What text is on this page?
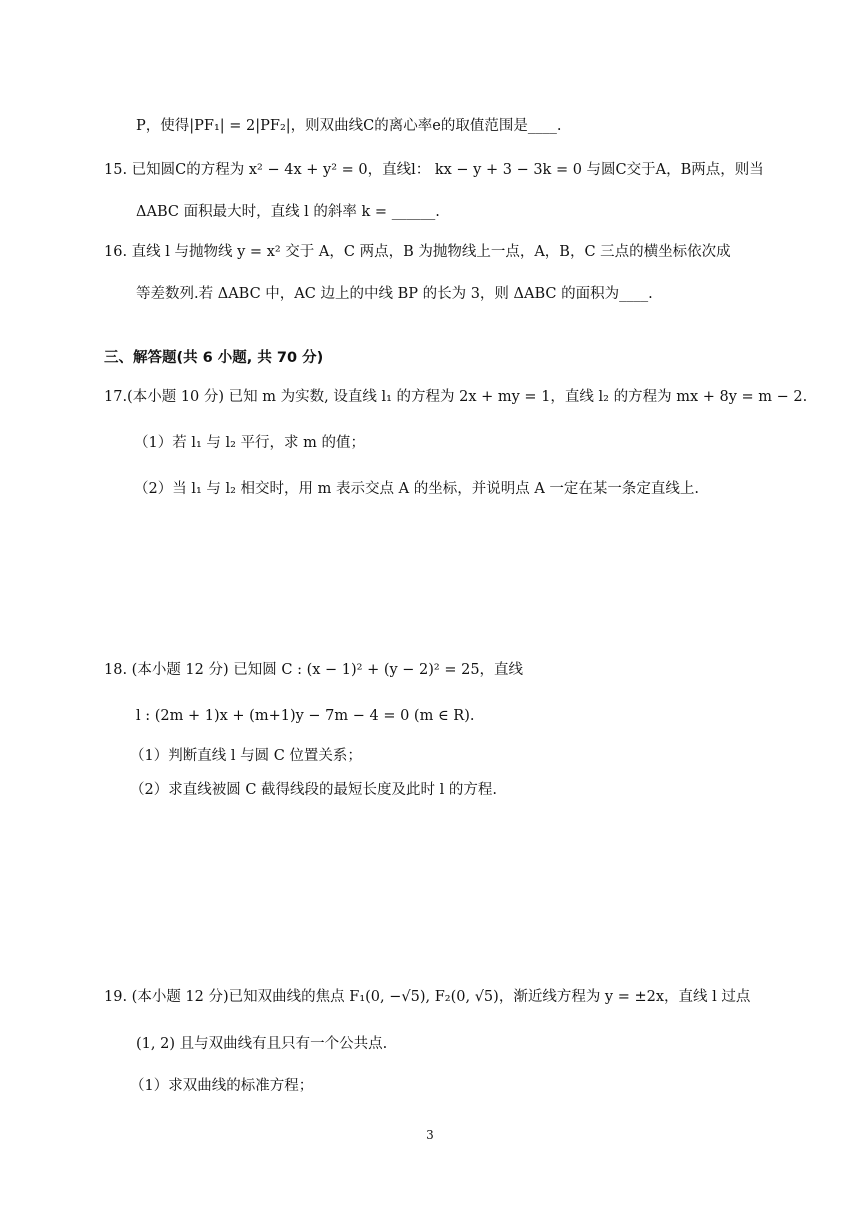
P，使得|PF₁| = 2|PF₂|，则双曲线C的离心率e的取值范围是____.
15. 已知圆C的方程为 x² − 4x + y² = 0，直线l： kx − y + 3 − 3k = 0 与圆C交于A，B两点，则当
ΔABC 面积最大时，直线 l 的斜率 k = ______.
16. 直线 l 与抛物线 y = x² 交于 A，C 两点，B 为抛物线上一点，A，B，C 三点的横坐标依次成
等差数列.若 ΔABC 中，AC 边上的中线 BP 的长为 3，则 ΔABC 的面积为____.
三、解答题(共 6 小题, 共 70 分)
17.(本小题 10 分) 已知 m 为实数, 设直线 l₁ 的方程为 2x + my = 1，直线 l₂ 的方程为 mx + 8y = m − 2.
（1）若 l₁ 与 l₂ 平行，求 m 的值；
（2）当 l₁ 与 l₂ 相交时，用 m 表示交点 A 的坐标，并说明点 A 一定在某一条定直线上.
18. (本小题 12 分) 已知圆 C : (x − 1)² + (y − 2)² = 25，直线
l : (2m + 1)x + (m+1)y − 7m − 4 = 0 (m ∈ R).
（1）判断直线 l 与圆 C 位置关系；
（2）求直线被圆 C 截得线段的最短长度及此时 l 的方程.
19. (本小题 12 分)已知双曲线的焦点 F₁(0, −√5), F₂(0, √5)，渐近线方程为 y = ±2x，直线 l 过点
(1, 2) 且与双曲线有且只有一个公共点.
（1）求双曲线的标准方程；
3
